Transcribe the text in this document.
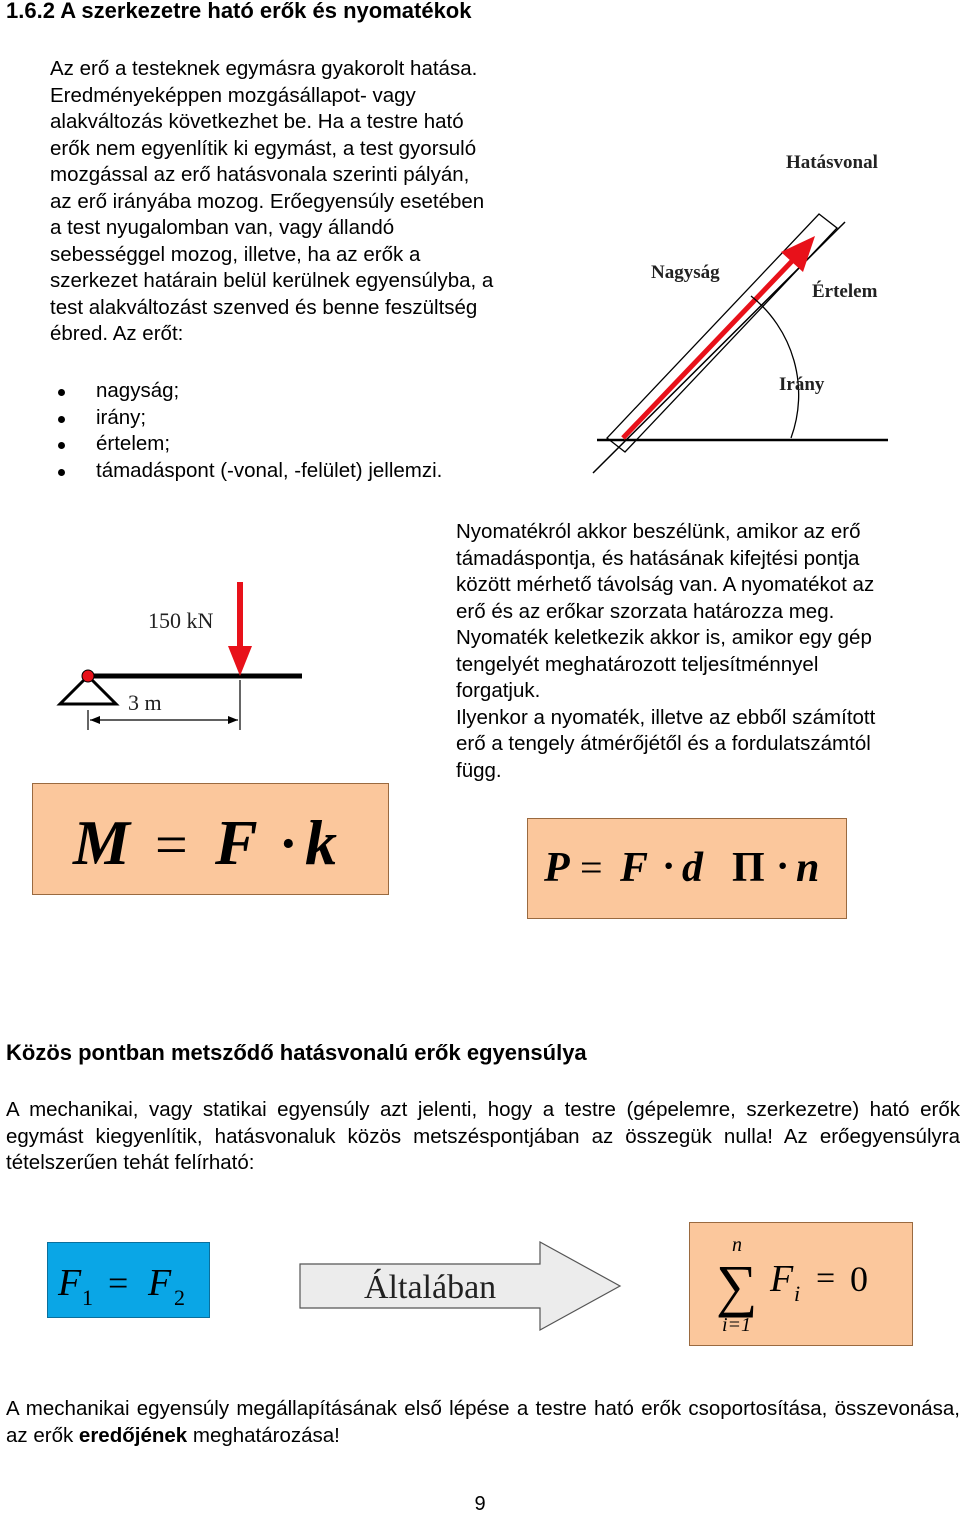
1.6.2 A szerkezetre ható erők és nyomatékok
Az erő a testeknek egymásra gyakorolt hatása.
Eredményeképpen mozgásállapot- vagy
alakváltozás következhet be. Ha a testre ható
erők nem egyenlítik ki egymást, a test gyorsuló
mozgással az erő hatásvonala szerinti pályán,
az erő irányába mozog. Erőegyensúly esetében
a test nyugalomban van, vagy állandó
sebességgel mozog, illetve, ha az erők a
szerkezet határain belül kerülnek egyensúlyba, a
test alakváltozást szenved és benne feszültség
ébred. Az erőt:
nagyság;
irány;
értelem;
támadáspont (-vonal, -felület) jellemzi.
Hatásvonal
Nagyság
Értelem
Irány
Nyomatékról akkor beszélünk, amikor az erő
támadáspontja, és hatásának kifejtési pontja
között mérhető távolság van. A nyomatékot az
erő és az erőkar szorzata határozza meg.
Nyomaték keletkezik akkor is, amikor egy gép
tengelyét meghatározott teljesítménnyel
forgatjuk.
Ilyenkor a nyomaték, illetve az ebből számított
erő a tengely átmérőjétől és a fordulatszámtól
függ.
3 m
150 kN
M = F · k	P = F · d Π · n
Közös pontban metsződő hatásvonalú erők egyensúlya
A mechanikai, vagy statikai egyensúly azt jelenti, hogy a testre (gépelemre, szerkezetre) ható erők egymást kiegyenlítik, hatásvonaluk közös metszéspontjában az összegük nulla! Az erőegyensúlyra tételszerűen tehát felírható:
F 1 = F 2	Általában
n
∑
i=1
F i = 0
A mechanikai egyensúly megállapításának első lépése a testre ható erők csoportosítása, összevonása, az erők eredőjének meghatározása!
9
